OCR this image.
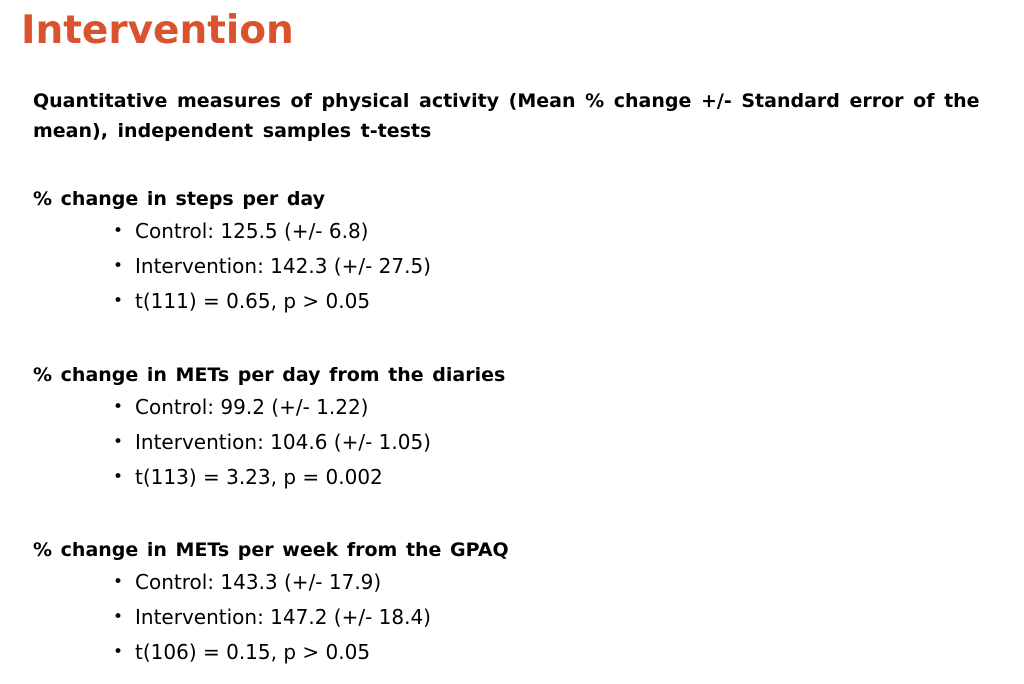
Intervention

Quantitative measures of physical activity (Mean % change +/- Standard error of the mean), independent samples t-tests

% change in steps per day
• Control: 125.5 (+/- 6.8)
• Intervention: 142.3 (+/- 27.5)
• t(111) = 0.65, p > 0.05
% change in METs per day from the diaries
• Control: 99.2 (+/- 1.22)
• Intervention: 104.6 (+/- 1.05)
• t(113) = 3.23, p = 0.002
% change in METs per week from the GPAQ
• Control: 143.3 (+/- 17.9)
• Intervention: 147.2 (+/- 18.4)
• t(106) = 0.15, p > 0.05
